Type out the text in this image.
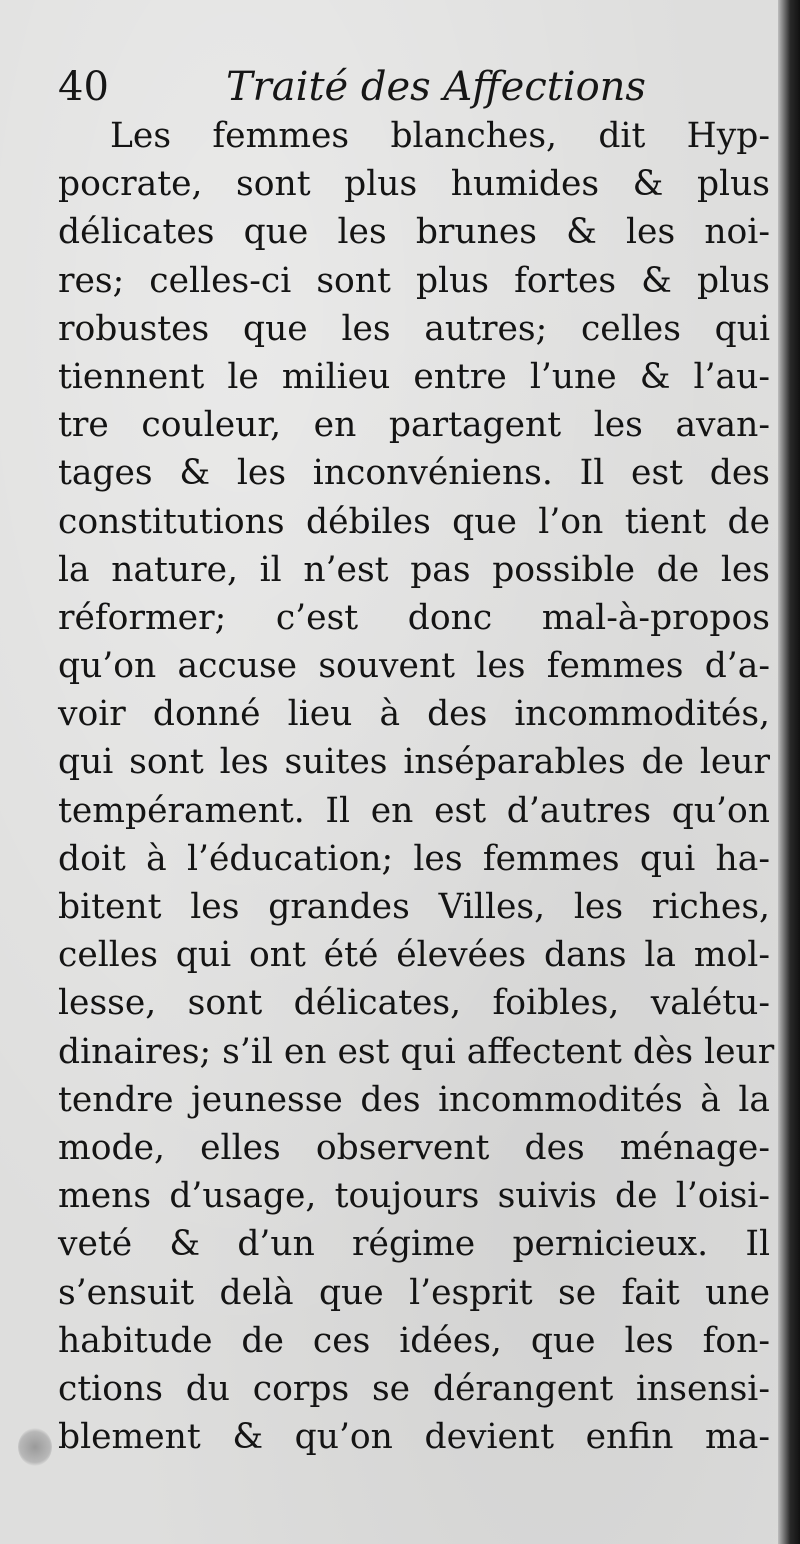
40	Traité des Affections
Les femmes blanches, dit Hyp-
pocrate, sont plus humides & plus
délicates que les brunes & les noi-
res; celles-ci sont plus fortes & plus
robustes que les autres; celles qui
tiennent le milieu entre l’une & l’au-
tre couleur, en partagent les avan-
tages & les inconvéniens. Il est des
constitutions débiles que l’on tient de
la nature, il n’est pas possible de les
réformer; c’est donc mal-à-propos
qu’on accuse souvent les femmes d’a-
voir donné lieu à des incommodités,
qui sont les suites inséparables de leur
tempérament. Il en est d’autres qu’on
doit à l’éducation; les femmes qui ha-
bitent les grandes Villes, les riches,
celles qui ont été élevées dans la mol-
lesse, sont délicates, foibles, valétu-
dinaires; s’il en est qui affectent dès leur
tendre jeunesse des incommodités à la
mode, elles observent des ménage-
mens d’usage, toujours suivis de l’oisi-
veté & d’un régime pernicieux. Il
s’ensuit delà que l’esprit se fait une
habitude de ces idées, que les fon-
ctions du corps se dérangent insensi-
blement & qu’on devient enfin ma-
